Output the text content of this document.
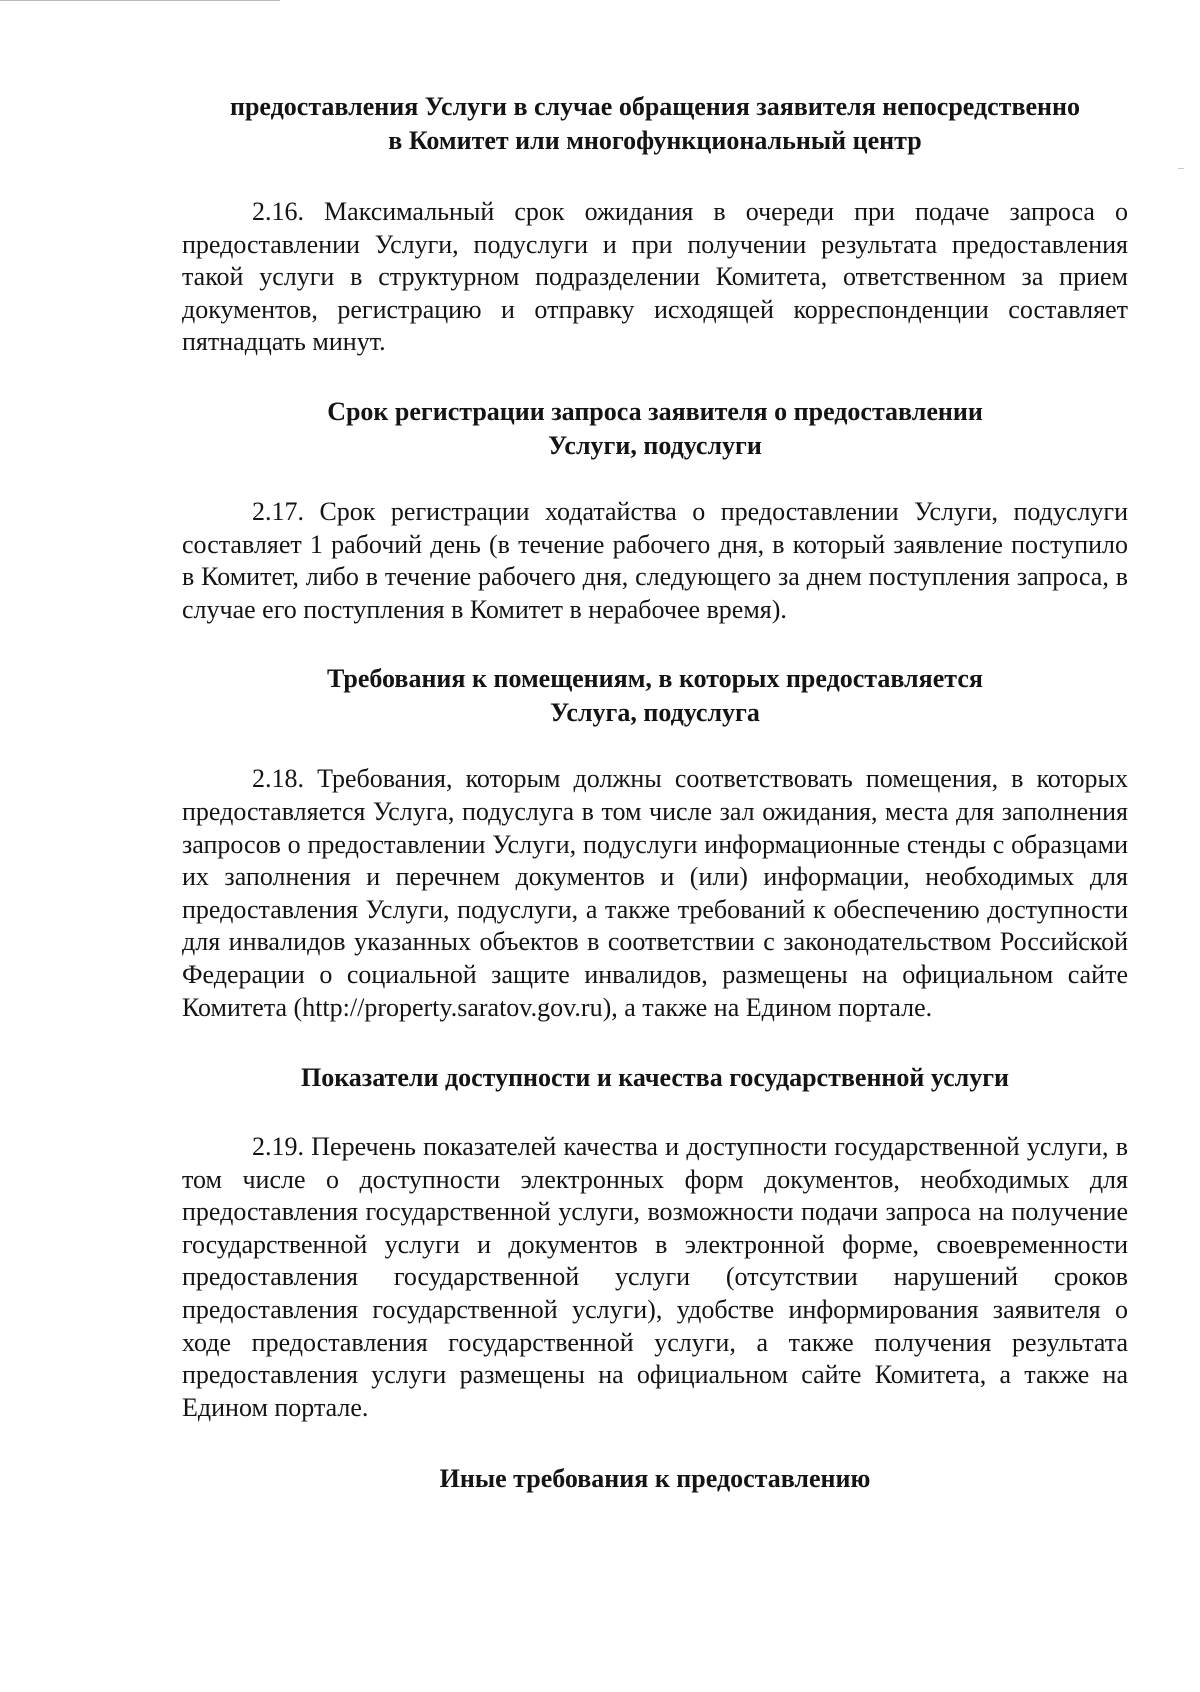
предоставления Услуги в случае обращения заявителя непосредственно
в Комитет или многофункциональный центр

2.16. Максимальный срок ожидания в очереди при подаче запроса о предоставлении Услуги, подуслуги и при получении результата предоставления такой услуги в структурном подразделении Комитета, ответственном за прием документов, регистрацию и отправку исходящей корреспонденции составляет пятнадцать минут.

Срок регистрации запроса заявителя о предоставлении
Услуги, подуслуги

2.17. Срок регистрации ходатайства о предоставлении Услуги, подуслуги составляет 1 рабочий день (в течение рабочего дня, в который заявление поступило в Комитет, либо в течение рабочего дня, следующего за днем поступления запроса, в случае его поступления в Комитет в нерабочее время).

Требования к помещениям, в которых предоставляется
Услуга, подуслуга

2.18. Требования, которым должны соответствовать помещения, в которых предоставляется Услуга, подуслуга в том числе зал ожидания, места для заполнения запросов о предоставлении Услуги, подуслуги информационные стенды с образцами их заполнения и перечнем документов и (или) информации, необходимых для предоставления Услуги, подуслуги, а также требований к обеспечению доступности для инвалидов указанных объектов в соответствии с законодательством Российской Федерации о социальной защите инвалидов, размещены на официальном сайте Комитета (http://property.saratov.gov.ru), а также на Едином портале.

Показатели доступности и качества государственной услуги

2.19. Перечень показателей качества и доступности государственной услуги, в том числе о доступности электронных форм документов, необходимых для предоставления государственной услуги, возможности подачи запроса на получение государственной услуги и документов в электронной форме, своевременности предоставления государственной услуги (отсутствии нарушений сроков предоставления государственной услуги), удобстве информирования заявителя о ходе предоставления государственной услуги, а также получения результата предоставления услуги размещены на официальном сайте Комитета, а также на Едином портале.

Иные требования к предоставлению
